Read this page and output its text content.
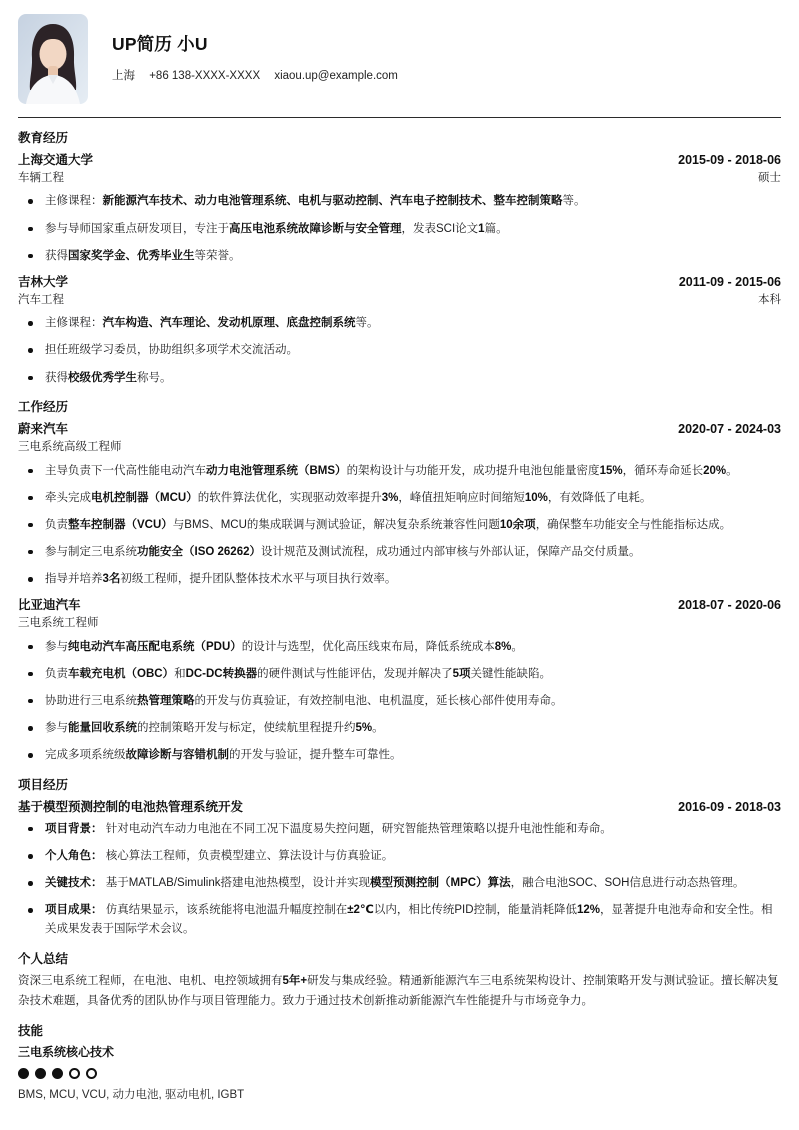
UP简历 小U
上海 +86 138-XXXX-XXXX xiaou.up@example.com
教育经历
上海交通大学	2015-09 - 2018-06
车辆工程	硕士
主修课程：新能源汽车技术、动力电池管理系统、电机与驱动控制、汽车电子控制技术、整车控制策略等。
参与导师国家重点研发项目，专注于高压电池系统故障诊断与安全管理，发表SCI论文1篇。
获得国家奖学金、优秀毕业生等荣誉。
吉林大学	2011-09 - 2015-06
汽车工程	本科
主修课程：汽车构造、汽车理论、发动机原理、底盘控制系统等。
担任班级学习委员，协助组织多项学术交流活动。
获得校级优秀学生称号。
工作经历
蔚来汽车	2020-07 - 2024-03
三电系统高级工程师
主导负责下一代高性能电动汽车动力电池管理系统（BMS）的架构设计与功能开发，成功提升电池包能量密度15%，循环寿命延长20%。
牵头完成电机控制器（MCU）的软件算法优化，实现驱动效率提升3%，峰值扭矩响应时间缩短10%，有效降低了电耗。
负责整车控制器（VCU）与BMS、MCU的集成联调与测试验证，解决复杂系统兼容性问题10余项，确保整车功能安全与性能指标达成。
参与制定三电系统功能安全（ISO 26262）设计规范及测试流程，成功通过内部审核与外部认证，保障产品交付质量。
指导并培养3名初级工程师，提升团队整体技术水平与项目执行效率。
比亚迪汽车	2018-07 - 2020-06
三电系统工程师
参与纯电动汽车高压配电系统（PDU）的设计与选型，优化高压线束布局，降低系统成本8%。
负责车载充电机（OBC）和DC-DC转换器的硬件测试与性能评估，发现并解决了5项关键性能缺陷。
协助进行三电系统热管理策略的开发与仿真验证，有效控制电池、电机温度，延长核心部件使用寿命。
参与能量回收系统的控制策略开发与标定，使续航里程提升约5%。
完成多项系统级故障诊断与容错机制的开发与验证，提升整车可靠性。
项目经历
基于模型预测控制的电池热管理系统开发	2016-09 - 2018-03
项目背景： 针对电动汽车动力电池在不同工况下温度易失控问题，研究智能热管理策略以提升电池性能和寿命。
个人角色： 核心算法工程师，负责模型建立、算法设计与仿真验证。
关键技术： 基于MATLAB/Simulink搭建电池热模型，设计并实现模型预测控制（MPC）算法，融合电池SOC、SOH信息进行动态热管理。
项目成果： 仿真结果显示，该系统能将电池温升幅度控制在±2℃以内，相比传统PID控制，能量消耗降低12%，显著提升电池寿命和安全性。相关成果发表于国际学术会议。
个人总结
资深三电系统工程师，在电池、电机、电控领域拥有5年+研发与集成经验。精通新能源汽车三电系统架构设计、控制策略开发与测试验证。擅长解决复杂技术难题，具备优秀的团队协作与项目管理能力。致力于通过技术创新推动新能源汽车性能提升与市场竞争力。
技能
三电系统核心技术
BMS, MCU, VCU, 动力电池, 驱动电机, IGBT
